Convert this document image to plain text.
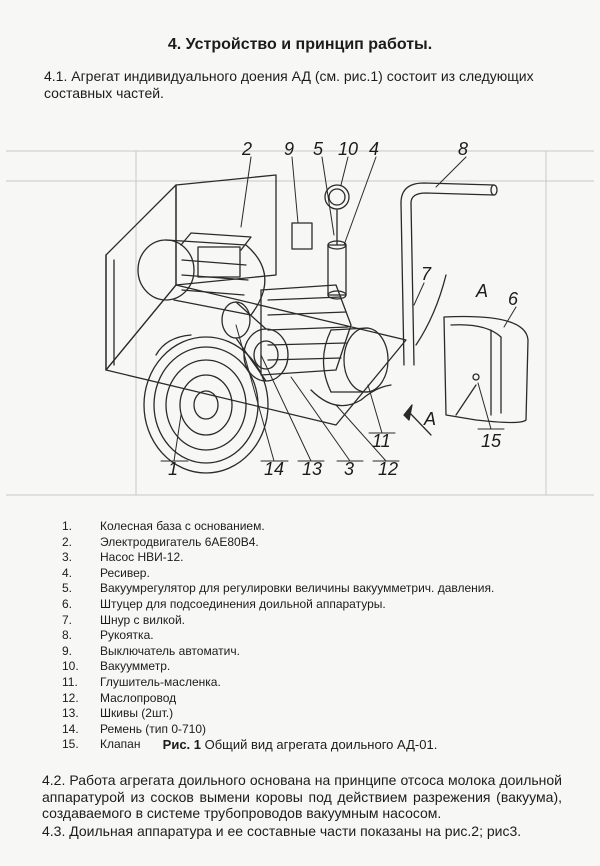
4. Устройство и принцип работы.
4.1. Агрегат индивидуального доения АД (см. рис.1) состоит из следующих составных частей.
2 9 5 10 4	8
7
A 6
A
11	15
1	14 13 3 12
1.	Колесная база с основанием.
2.	Электродвигатель 6АЕ80В4.
3.	Насос НВИ-12.
4.	Ресивер.
5.	Вакуумрегулятор для регулировки величины вакуумметрич. давления.
6.	Штуцер для подсоединения доильной аппаратуры.
7.	Шнур с вилкой.
8.	Рукоятка.
9.	Выключатель автоматич.
10.	Вакуумметр.
11.	Глушитель-масленка.
12.	Маслопровод
13.	Шкивы (2шт.)
14.	Ремень (тип 0-710)
15.	Клапан	Рис. 1 Общий вид агрегата доильного АД-01.
4.2. Работа агрегата доильного основана на принципе отсоса молока доильной аппаратурой из сосков вымени коровы под действием разрежения (вакуума), создаваемого в системе трубопроводов вакуумным насосом.
4.3. Доильная аппаратура и ее составные части показаны на рис.2; рис3.
